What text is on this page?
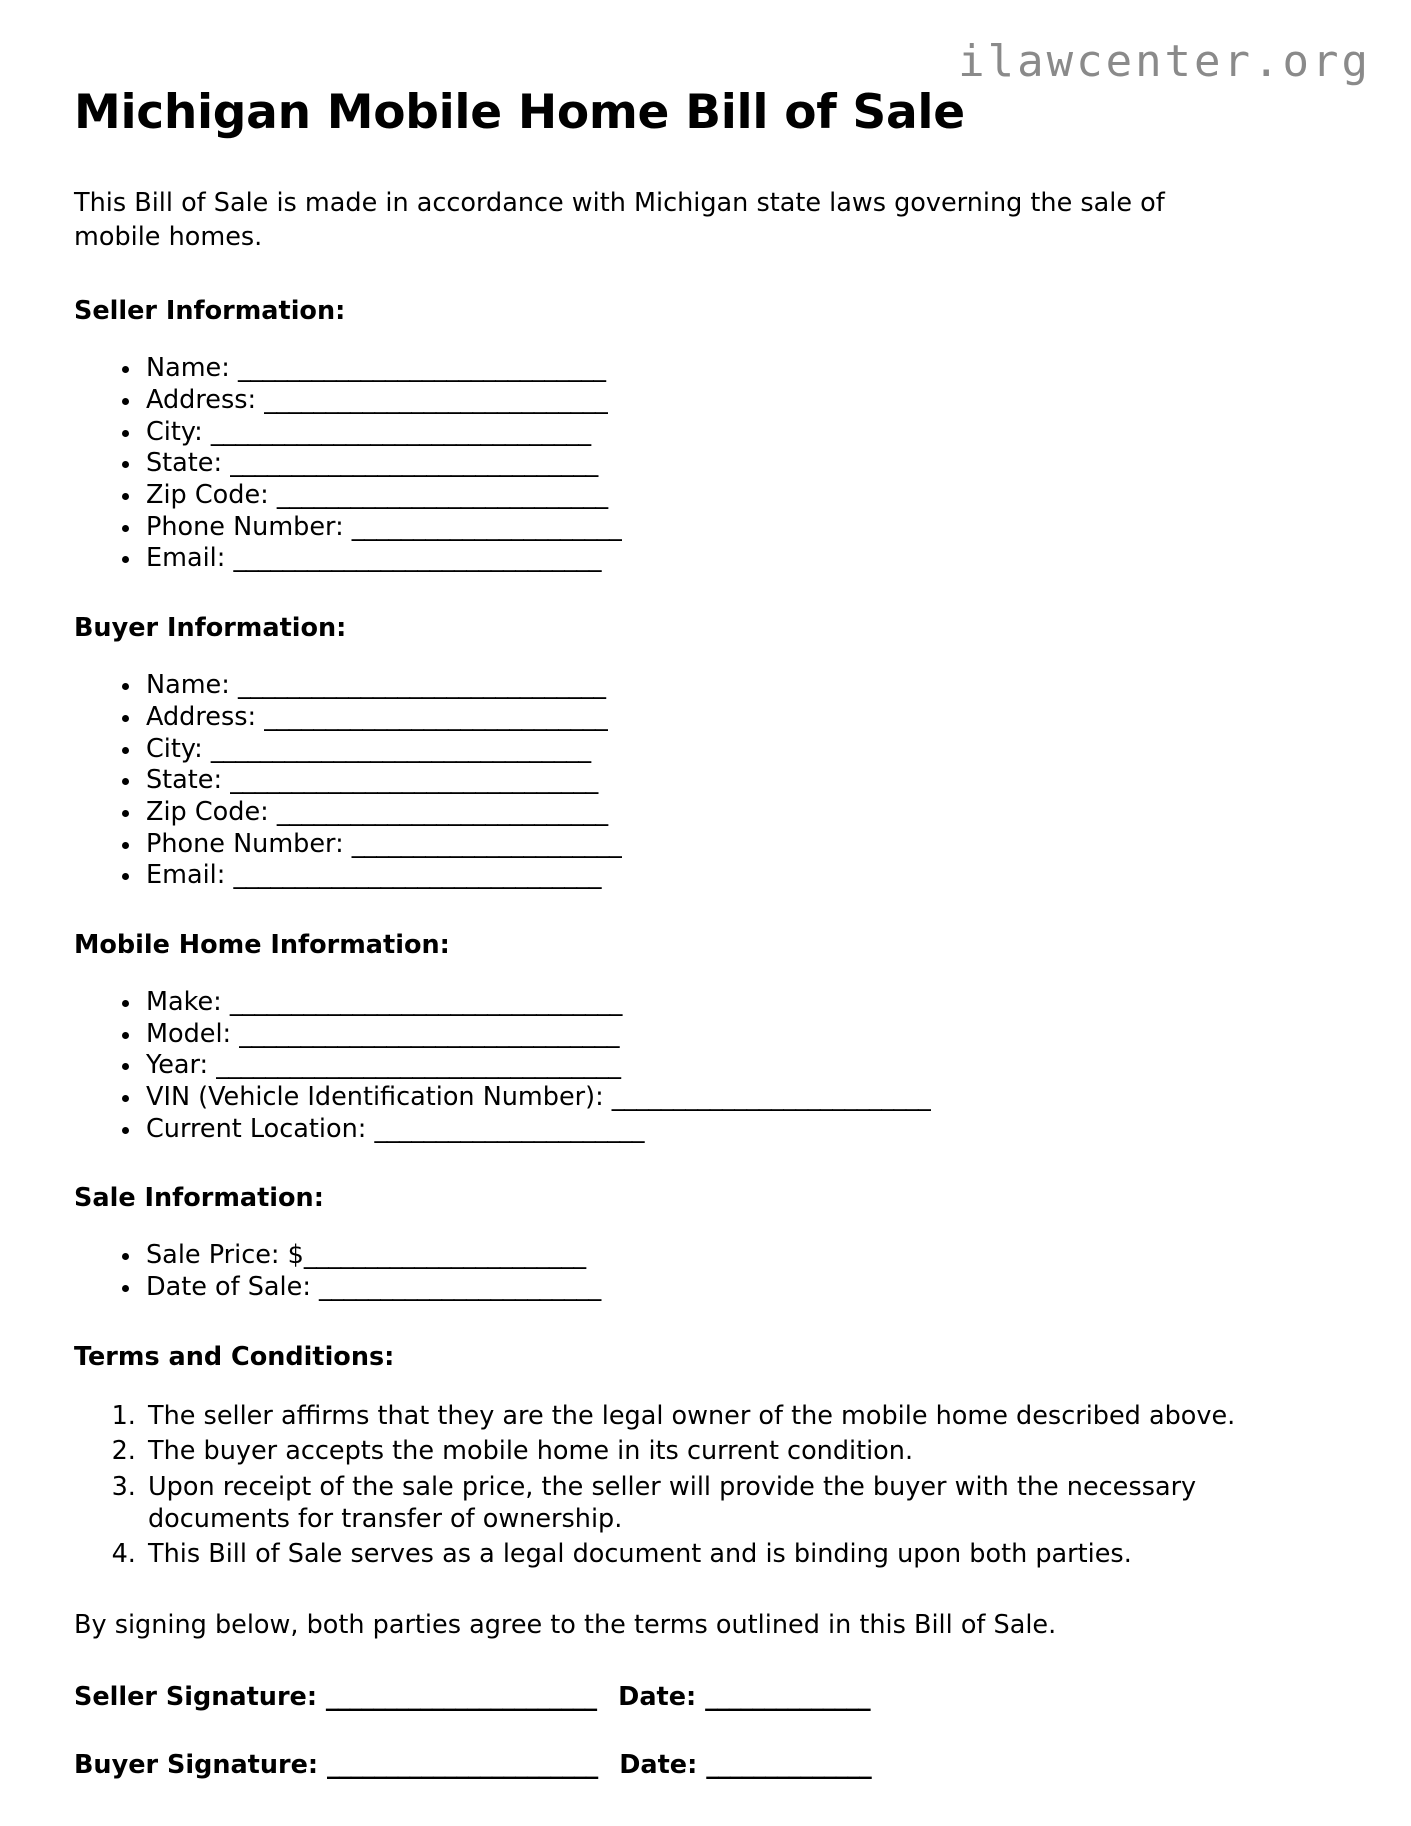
ilawcenter.org
Michigan Mobile Home Bill of Sale

This Bill of Sale is made in accordance with Michigan state laws governing the sale of mobile homes.

Seller Information:
Name: ______________________________
Address: ____________________________
City: _______________________________
State: ______________________________
Zip Code: ___________________________
Phone Number: ______________________
Email: ______________________________
Buyer Information:
Name: ______________________________
Address: ____________________________
City: _______________________________
State: ______________________________
Zip Code: ___________________________
Phone Number: ______________________
Email: ______________________________
Mobile Home Information:
Make: ________________________________
Model: _______________________________
Year: _________________________________
VIN (Vehicle Identification Number): __________________________
Current Location: ______________________
Sale Information:
Sale Price: $_______________________
Date of Sale: _______________________
Terms and Conditions:
1. The seller affirms that they are the legal owner of the mobile home described above.
2. The buyer accepts the mobile home in its current condition.
3. Upon receipt of the sale price, the seller will provide the buyer with the necessary documents for transfer of ownership.
4. This Bill of Sale serves as a legal document and is binding upon both parties.

By signing below, both parties agree to the terms outlined in this Bill of Sale.

Seller Signature: _______________________ Date: ______________
Buyer Signature: _______________________ Date: ______________
